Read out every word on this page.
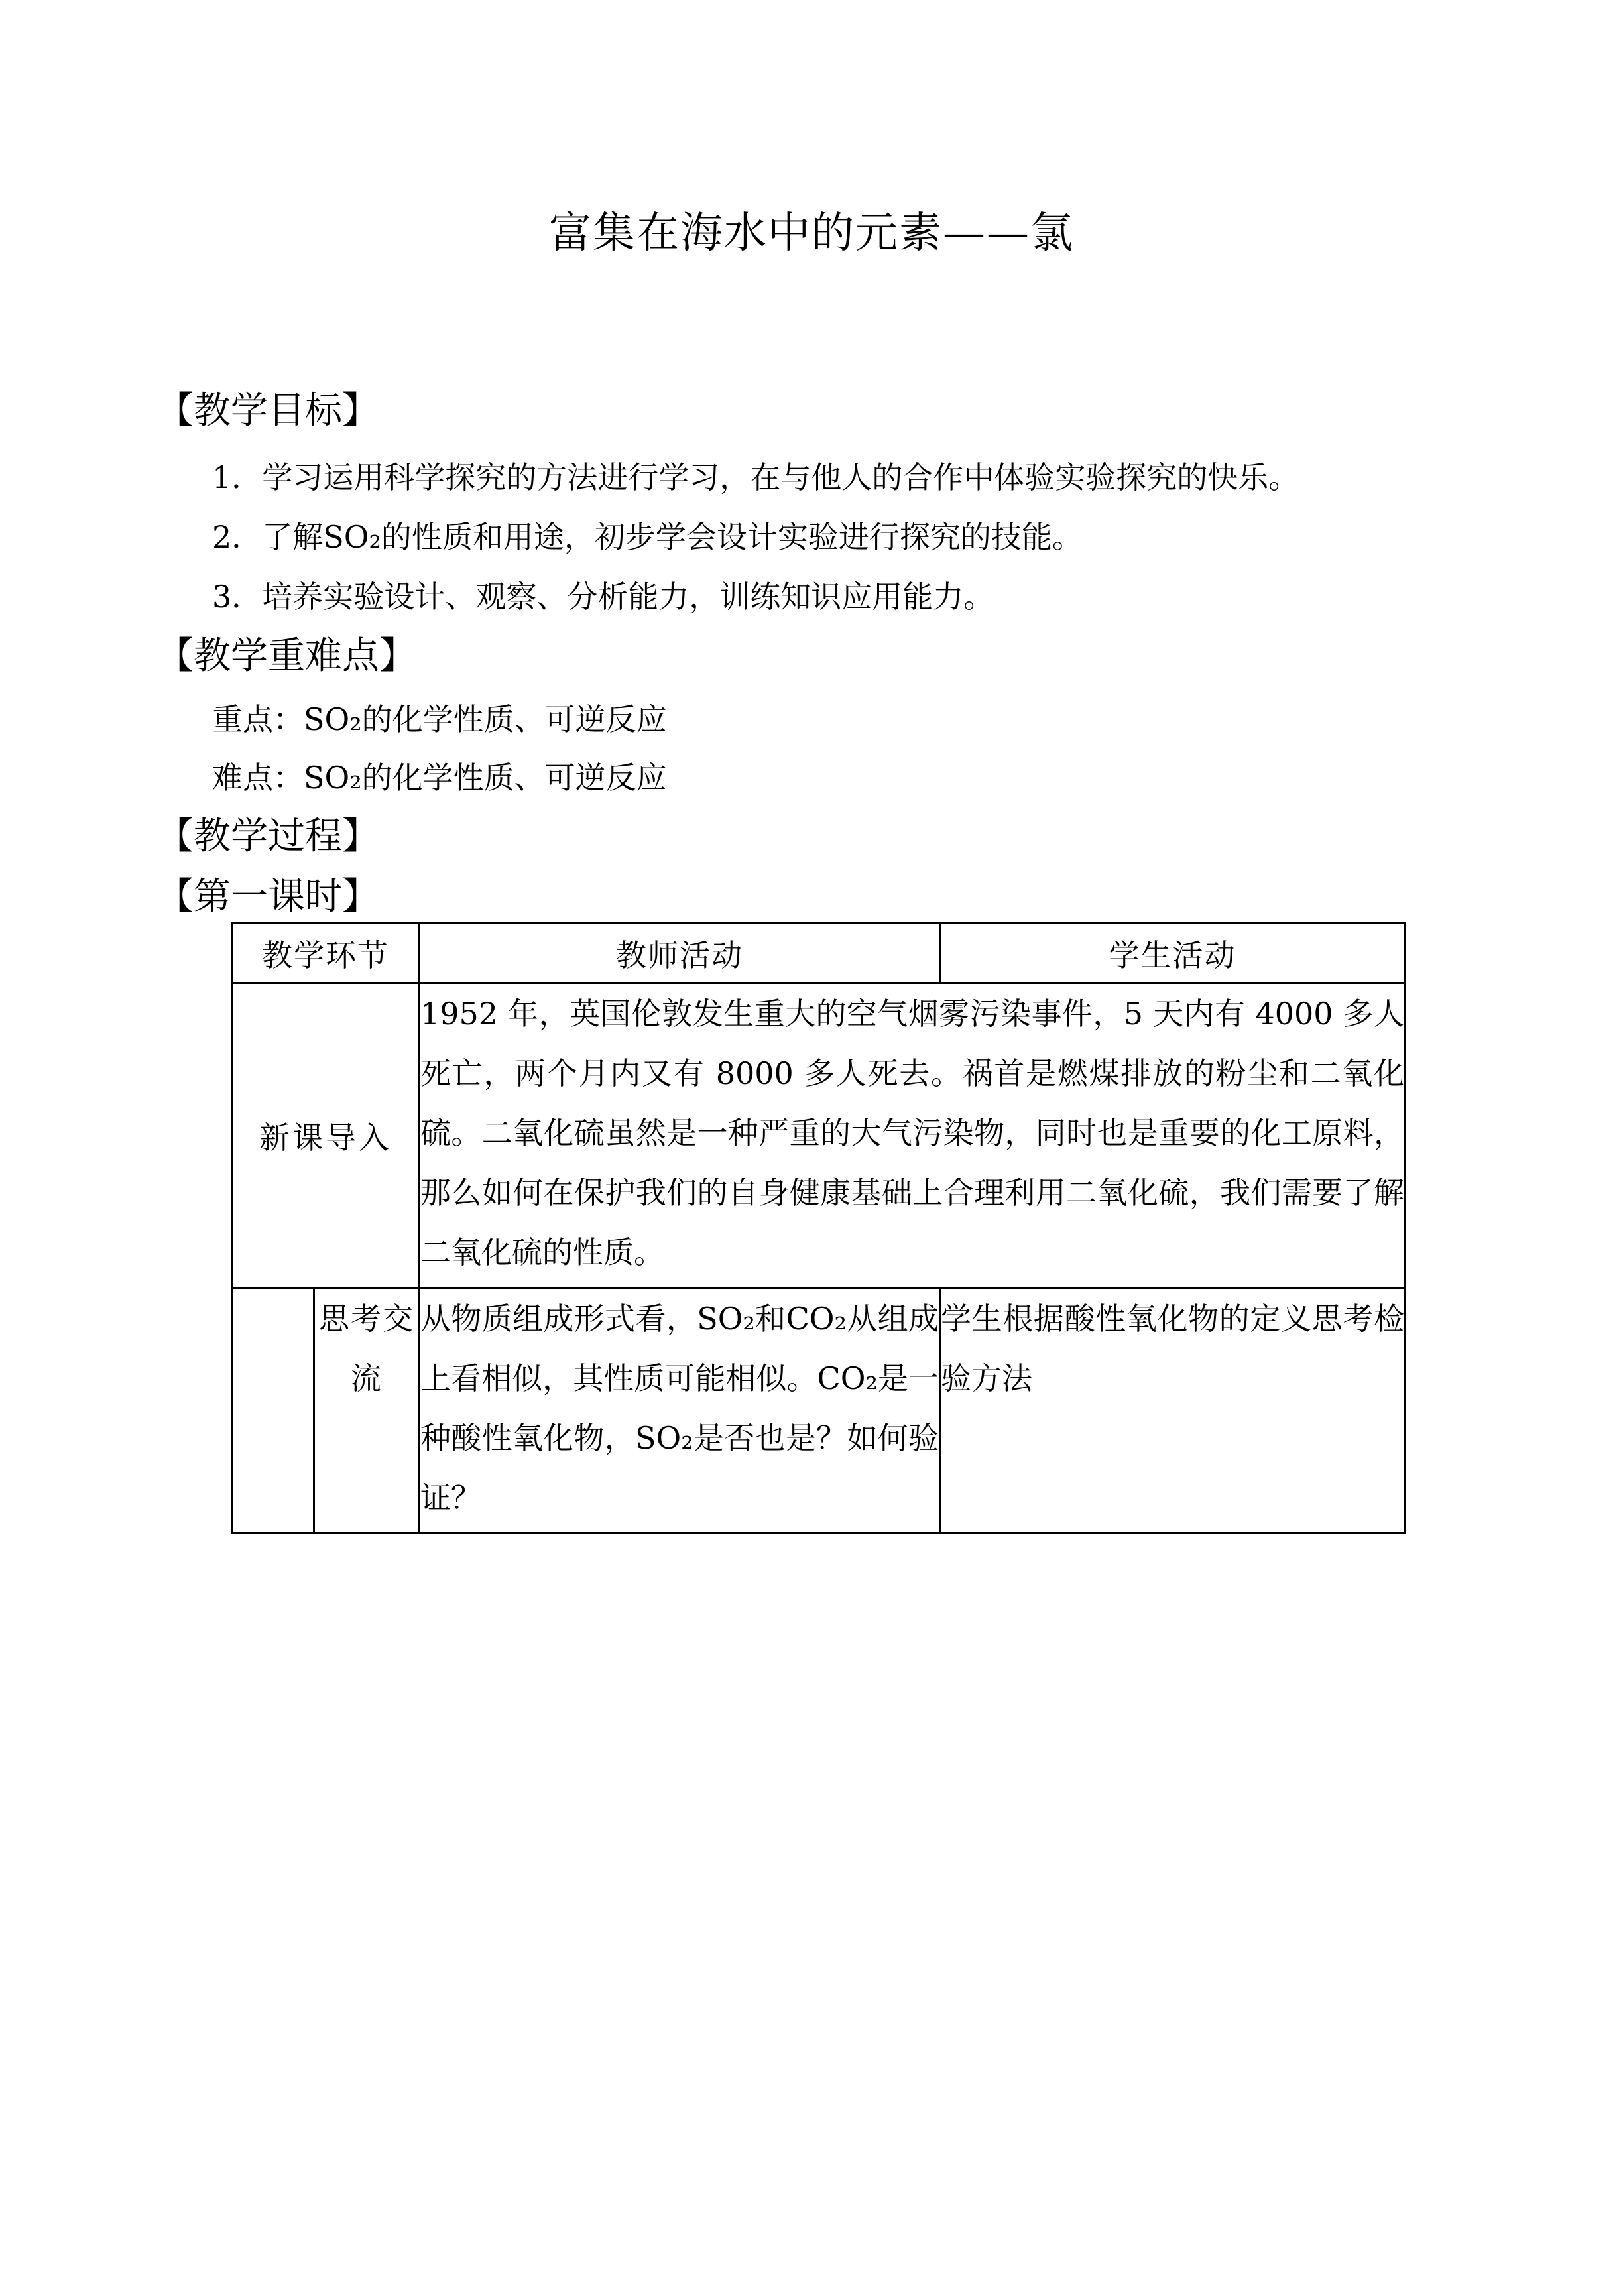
富集在海水中的元素——氯
【教学目标】
1．学习运用科学探究的方法进行学习，在与他人的合作中体验实验探究的快乐。
2．了解SO₂的性质和用途，初步学会设计实验进行探究的技能。
3．培养实验设计、观察、分析能力，训练知识应用能力。
【教学重难点】
重点：SO₂的化学性质、可逆反应
难点：SO₂的化学性质、可逆反应
【教学过程】
【第一课时】
教学环节		教师活动	学生活动
新课导入		1952 年，英国伦敦发生重大的空气烟雾污染事件，5 天内有 4000 多人死亡，两个月内又有 8000 多人死去。祸首是燃煤排放的粉尘和二氧化硫。二氧化硫虽然是一种严重的大气污染物，同时也是重要的化工原料，那么如何在保护我们的自身健康基础上合理利用二氧化硫，我们需要了解二氧化硫的性质。	
	思考交流	从物质组成形式看，SO₂和CO₂从组成上看相似，其性质可能相似。CO₂是一种酸性氧化物，SO₂是否也是？如何验证？	学生根据酸性氧化物的定义思考检验方法
